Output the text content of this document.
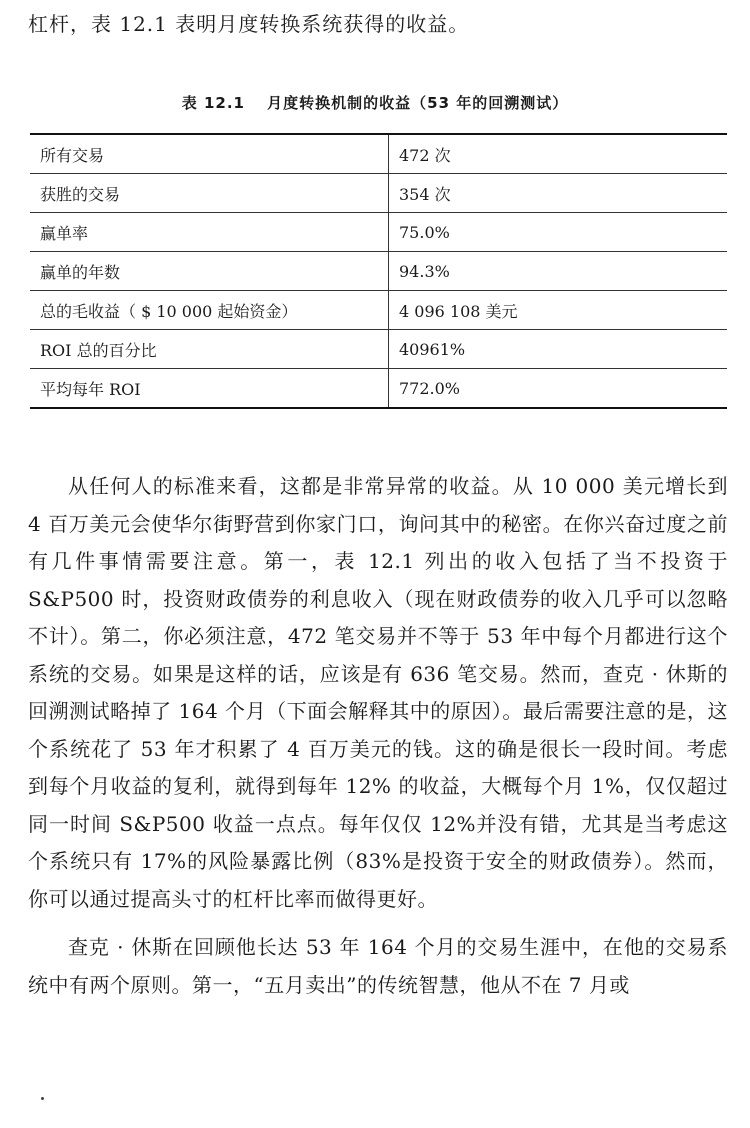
杠杆，表 12.1 表明月度转换系统获得的收益。
表 12.1　 月度转换机制的收益（53 年的回溯测试）
所有交易	472 次
获胜的交易	354 次
赢单率	75.0%
赢单的年数	94.3%
总的毛收益（ $ 10 000 起始资金）	4 096 108 美元
ROI 总的百分比	40961%
平均每年 ROI	772.0%

从任何人的标准来看，这都是非常异常的收益。从 10 000 美元增长到 4 百万美元会使华尔街野营到你家门口，询问其中的秘密。在你兴奋过度之前有几件事情需要注意。第一，表 12.1 列出的收入包括了当不投资于 S&P500 时，投资财政债券的利息收入（现在财政债券的收入几乎可以忽略不计）。第二，你必须注意，472 笔交易并不等于 53 年中每个月都进行这个系统的交易。如果是这样的话，应该是有 636 笔交易。然而，查克 · 休斯的回溯测试略掉了 164 个月（下面会解释其中的原因）。最后需要注意的是，这个系统花了 53 年才积累了 4 百万美元的钱。这的确是很长一段时间。考虑到每个月收益的复利，就得到每年 12% 的收益，大概每个月 1%，仅仅超过同一时间 S&P500 收益一点点。每年仅仅 12%并没有错，尤其是当考虑这个系统只有 17%的风险暴露比例（83%是投资于安全的财政债券）。然而，你可以通过提高头寸的杠杆比率而做得更好。

查克 · 休斯在回顾他长达 53 年 164 个月的交易生涯中，在他的交易系统中有两个原则。第一，“五月卖出”的传统智慧，他从不在 7 月或
